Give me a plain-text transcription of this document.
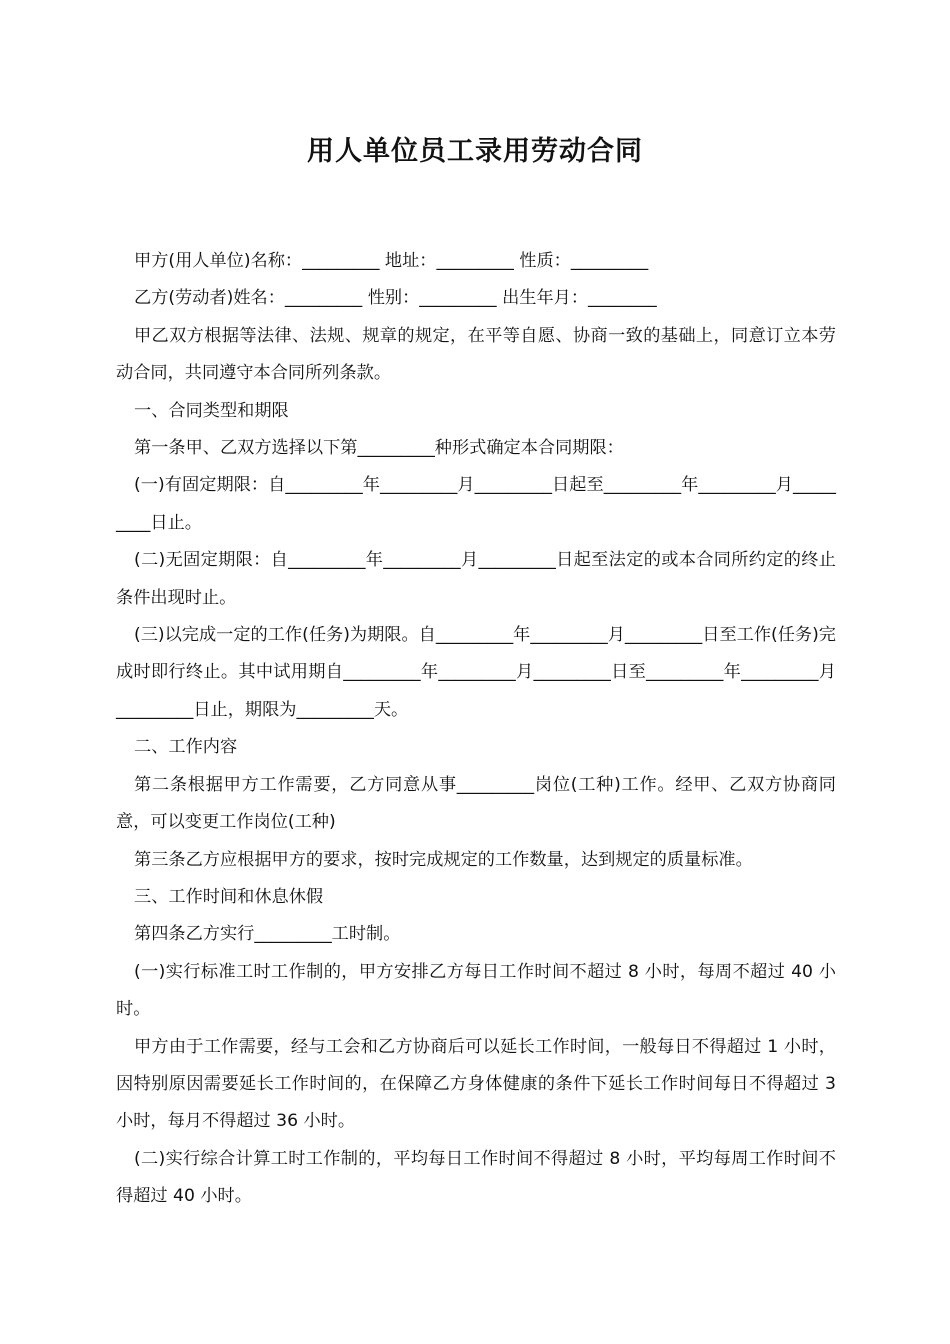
用人单位员工录用劳动合同

甲方(用人单位)名称：_________ 地址：_________ 性质：_________

乙方(劳动者)姓名：_________ 性别：_________ 出生年月：________

甲乙双方根据等法律、法规、规章的规定，在平等自愿、协商一致的基础上，同意订立本劳动合同，共同遵守本合同所列条款。

一、合同类型和期限

第一条甲、乙双方选择以下第_________种形式确定本合同期限：

(一)有固定期限：自_________年_________月_________日起至_________年_________月_________日止。

(二)无固定期限：自_________年_________月_________日起至法定的或本合同所约定的终止条件出现时止。

(三)以完成一定的工作(任务)为期限。自_________年_________月_________日至工作(任务)完成时即行终止。其中试用期自_________年_________月_________日至_________年_________月_________日止，期限为_________天。

二、工作内容

第二条根据甲方工作需要，乙方同意从事_________岗位(工种)工作。经甲、乙双方协商同意，可以变更工作岗位(工种)

第三条乙方应根据甲方的要求，按时完成规定的工作数量，达到规定的质量标准。

三、工作时间和休息休假

第四条乙方实行_________工时制。

(一)实行标准工时工作制的，甲方安排乙方每日工作时间不超过 8 小时，每周不超过 40 小时。

甲方由于工作需要，经与工会和乙方协商后可以延长工作时间，一般每日不得超过 1 小时，因特别原因需要延长工作时间的，在保障乙方身体健康的条件下延长工作时间每日不得超过 3 小时，每月不得超过 36 小时。

(二)实行综合计算工时工作制的，平均每日工作时间不得超过 8 小时，平均每周工作时间不得超过 40 小时。
